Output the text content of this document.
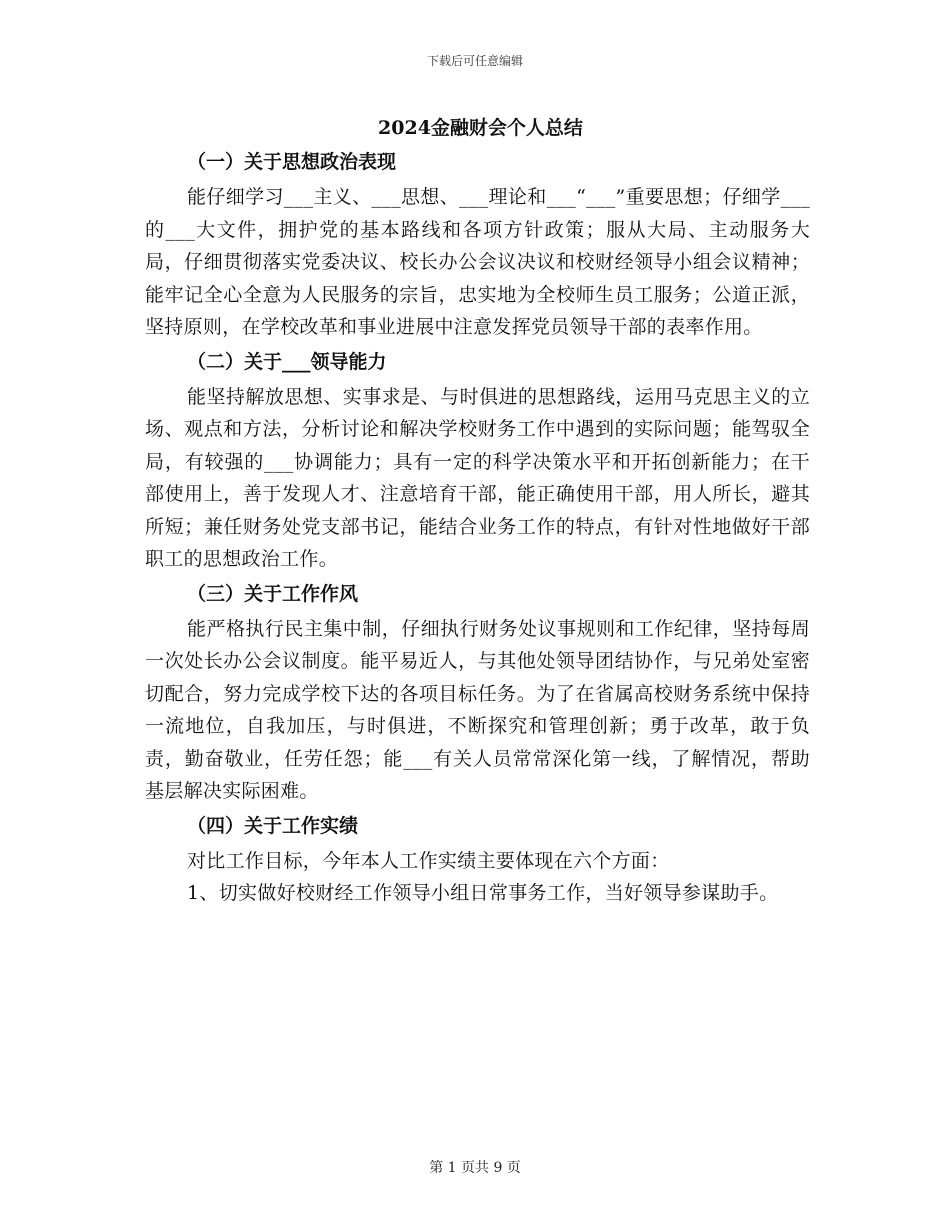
下载后可任意编辑
2024金融财会个人总结
（一）关于思想政治表现

能仔细学习___主义、___思想、___理论和___“___”重要思想；仔细学___的___大文件，拥护党的基本路线和各项方针政策；服从大局、主动服务大局，仔细贯彻落实党委决议、校长办公会议决议和校财经领导小组会议精神；能牢记全心全意为人民服务的宗旨，忠实地为全校师生员工服务；公道正派，坚持原则，在学校改革和事业进展中注意发挥党员领导干部的表率作用。

（二）关于___领导能力

能坚持解放思想、实事求是、与时俱进的思想路线，运用马克思主义的立场、观点和方法，分析讨论和解决学校财务工作中遇到的实际问题；能驾驭全局，有较强的___协调能力；具有一定的科学决策水平和开拓创新能力；在干部使用上，善于发现人才、注意培育干部，能正确使用干部，用人所长，避其所短；兼任财务处党支部书记，能结合业务工作的特点，有针对性地做好干部职工的思想政治工作。

（三）关于工作作风

能严格执行民主集中制，仔细执行财务处议事规则和工作纪律，坚持每周一次处长办公会议制度。能平易近人，与其他处领导团结协作，与兄弟处室密切配合，努力完成学校下达的各项目标任务。为了在省属高校财务系统中保持一流地位，自我加压，与时俱进，不断探究和管理创新；勇于改革，敢于负责，勤奋敬业，任劳任怨；能___有关人员常常深化第一线，了解情况，帮助基层解决实际困难。

（四）关于工作实绩

对比工作目标，今年本人工作实绩主要体现在六个方面：

1、切实做好校财经工作领导小组日常事务工作，当好领导参谋助手。

第 1 页共 9 页
